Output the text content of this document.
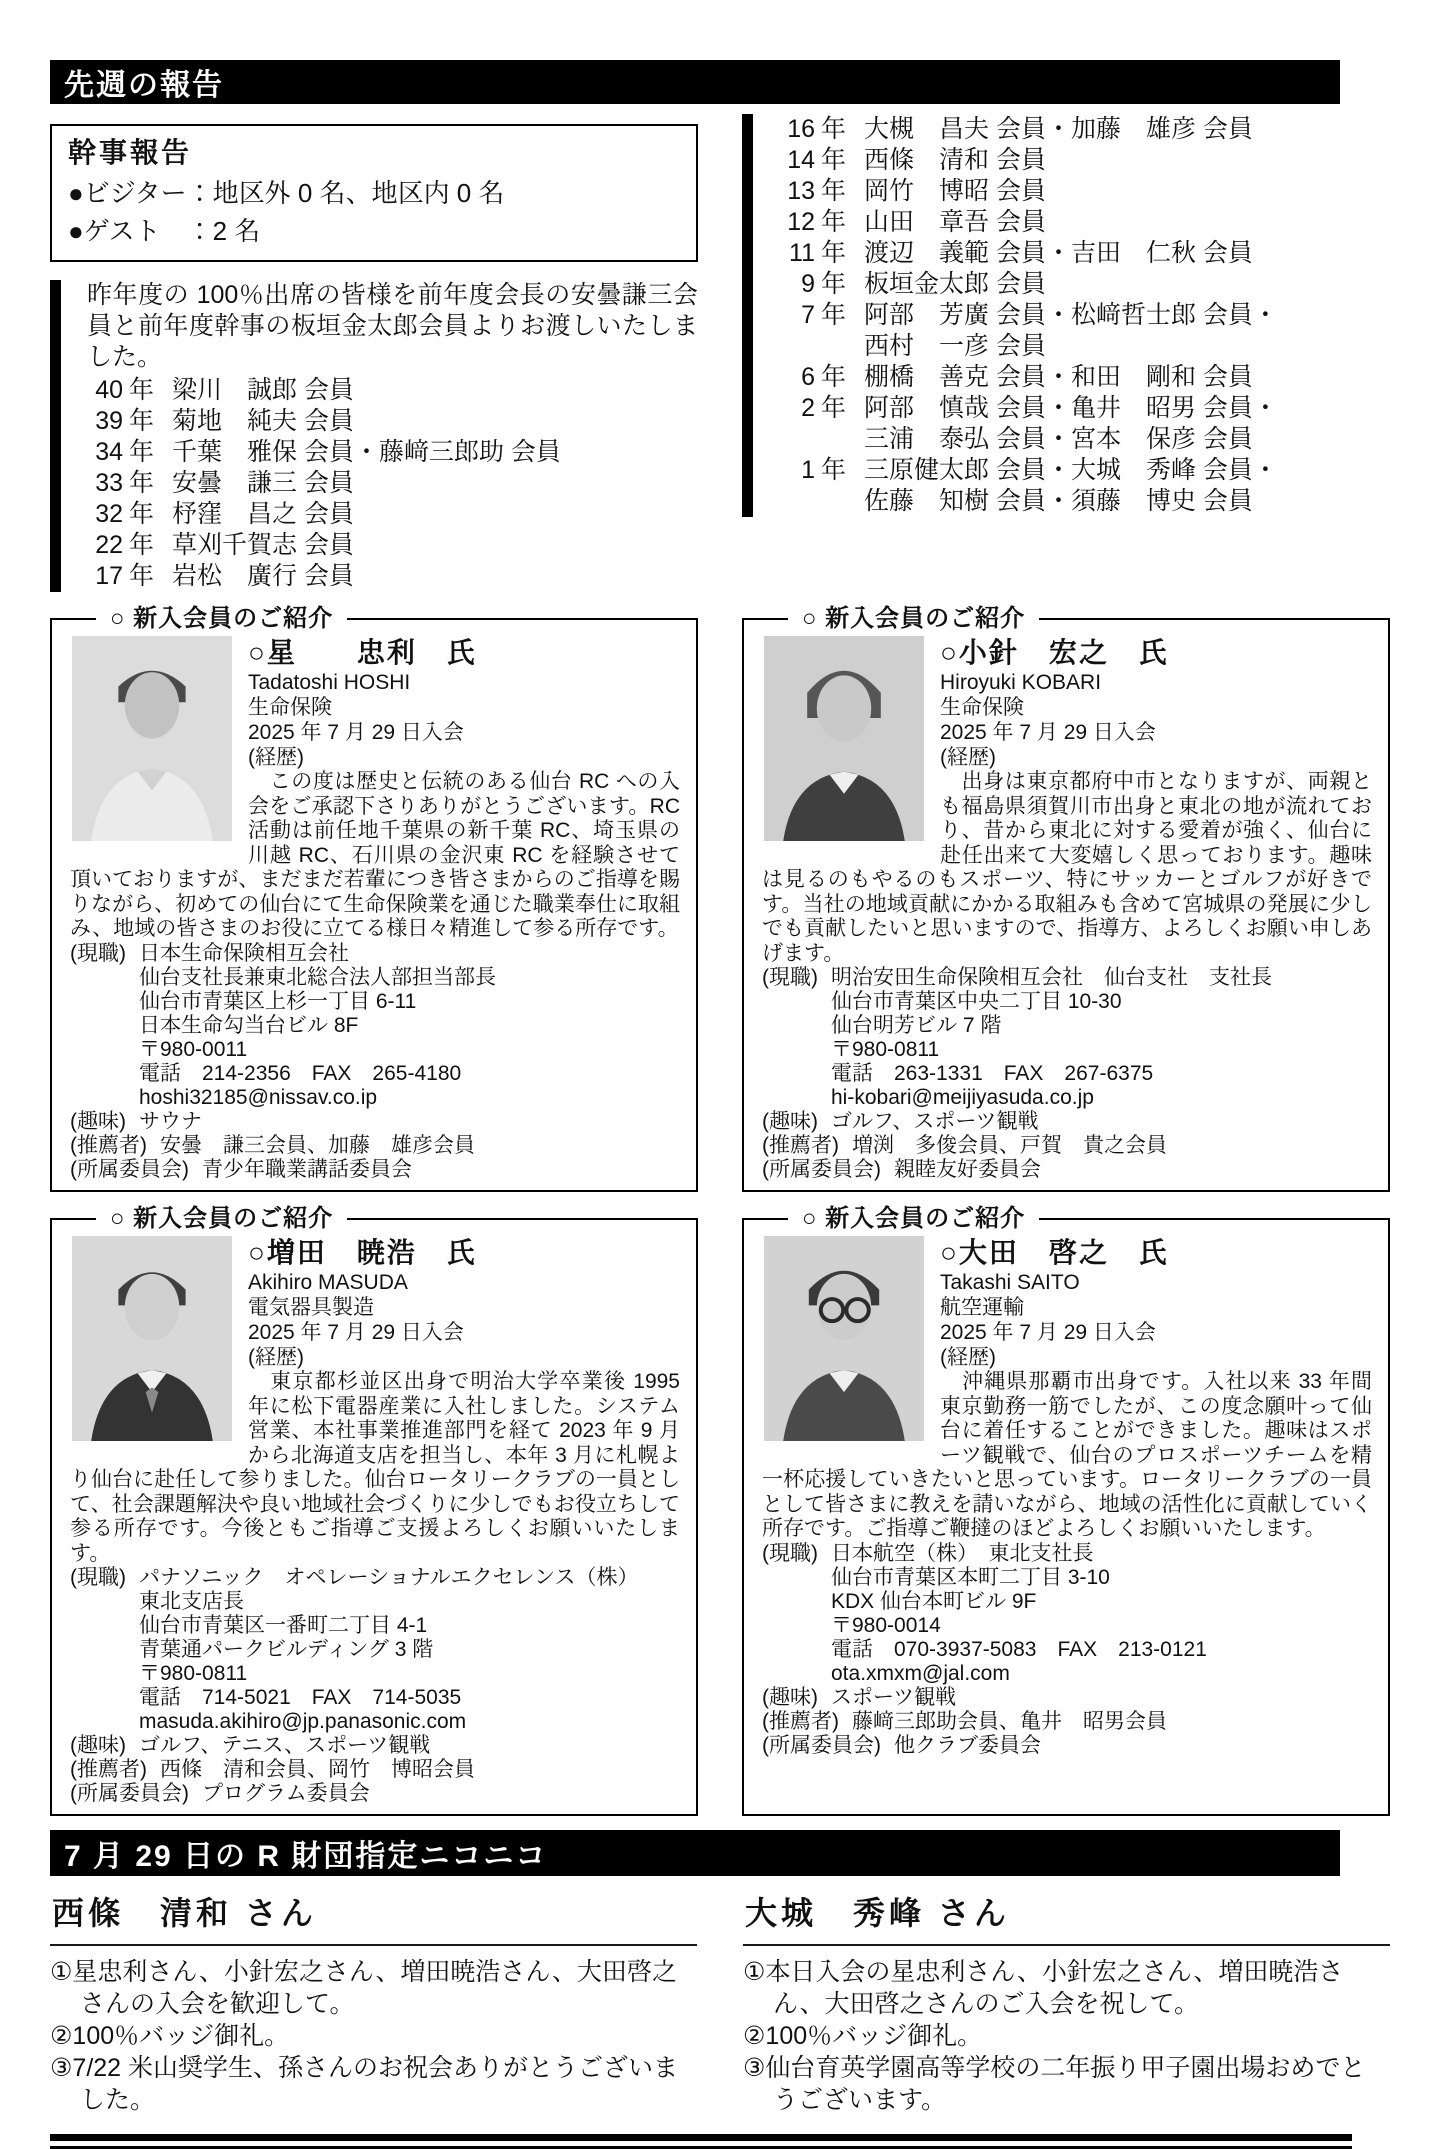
先週の報告
幹事報告
●ビジター：地区外 0 名、地区内 0 名
●ゲスト　：2 名

昨年度の 100％出席の皆様を前年度会長の安曇謙三会員と前年度幹事の板垣金太郎会員よりお渡しいたしました。

40 年 梁川　誠郎 会員
39 年 菊地　純夫 会員
34 年 千葉　雅保 会員・藤﨑三郎助 会員
33 年 安曇　謙三 会員
32 年 杼窪　昌之 会員
22 年 草刈千賀志 会員
17 年 岩松　廣行 会員
16 年 大槻　昌夫 会員・加藤　雄彦 会員
14 年 西條　清和 会員
13 年 岡竹　博昭 会員
12 年 山田　章吾 会員
11 年 渡辺　義範 会員・吉田　仁秋 会員
9 年 板垣金太郎 会員
7 年 阿部　芳廣 会員・松﨑哲士郎 会員・
西村　一彦 会員
6 年 棚橋　善克 会員・和田　剛和 会員
2 年 阿部　慎哉 会員・亀井　昭男 会員・
三浦　泰弘 会員・宮本　保彦 会員
1 年 三原健太郎 会員・大城　秀峰 会員・
佐藤　知樹 会員・須藤　博史 会員
○ 新入会員のご紹介
○星　　忠利　氏
Tadatoshi HOSHI
生命保険
2025 年 7 月 29 日入会
(経歴)
　この度は歴史と伝統のある仙台 RC への入会をご承認下さりありがとうございます。RC 活動は前任地千葉県の新千葉 RC、埼玉県の川越 RC、石川県の金沢東 RC を経験させて頂いておりますが、まだまだ若輩につき皆さまからのご指導を賜りながら、初めての仙台にて生命保険業を通じた職業奉仕に取組み、地域の皆さまのお役に立てる様日々精進して参る所存です。
(現職) 日本生命保険相互会社
仙台支社長兼東北総合法人部担当部長
仙台市青葉区上杉一丁目 6-11
日本生命勾当台ビル 8F
〒980-0011
電話　214-2356　FAX　265-4180
hoshi32185@nissav.co.ip
(趣味) サウナ
(推薦者) 安曇　謙三会員、加藤　雄彦会員
(所属委員会) 青少年職業講話委員会
○ 新入会員のご紹介
○小針　宏之　氏
Hiroyuki KOBARI
生命保険
2025 年 7 月 29 日入会
(経歴)
　出身は東京都府中市となりますが、両親とも福島県須賀川市出身と東北の地が流れており、昔から東北に対する愛着が強く、仙台に赴任出来て大変嬉しく思っております。趣味は見るのもやるのもスポーツ、特にサッカーとゴルフが好きです。当社の地域貢献にかかる取組みも含めて宮城県の発展に少しでも貢献したいと思いますので、指導方、よろしくお願い申しあげます。
(現職) 明治安田生命保険相互会社　仙台支社　支社長
仙台市青葉区中央二丁目 10-30
仙台明芳ビル 7 階
〒980-0811
電話　263-1331　FAX　267-6375
hi-kobari@meijiyasuda.co.jp
(趣味) ゴルフ、スポーツ観戦
(推薦者) 増渕　多俊会員、戸賀　貴之会員
(所属委員会) 親睦友好委員会
○ 新入会員のご紹介
○増田　暁浩　氏
Akihiro MASUDA
電気器具製造
2025 年 7 月 29 日入会
(経歴)
　東京都杉並区出身で明治大学卒業後 1995 年に松下電器産業に入社しました。システム営業、本社事業推進部門を経て 2023 年 9 月から北海道支店を担当し、本年 3 月に札幌より仙台に赴任して参りました。仙台ロータリークラブの一員として、社会課題解決や良い地域社会づくりに少しでもお役立ちして参る所存です。今後ともご指導ご支援よろしくお願いいたします。
(現職) パナソニック　オペレーショナルエクセレンス（株）
東北支店長
仙台市青葉区一番町二丁目 4-1
青葉通パークビルディング 3 階
〒980-0811
電話　714-5021　FAX　714-5035
masuda.akihiro@jp.panasonic.com
(趣味) ゴルフ、テニス、スポーツ観戦
(推薦者) 西條　清和会員、岡竹　博昭会員
(所属委員会) プログラム委員会
○ 新入会員のご紹介
○大田　啓之　氏
Takashi SAITO
航空運輸
2025 年 7 月 29 日入会
(経歴)
　沖縄県那覇市出身です。入社以来 33 年間東京勤務一筋でしたが、この度念願叶って仙台に着任することができました。趣味はスポーツ観戦で、仙台のプロスポーツチームを精一杯応援していきたいと思っています。ロータリークラブの一員として皆さまに教えを請いながら、地域の活性化に貢献していく所存です。ご指導ご鞭撻のほどよろしくお願いいたします。
(現職) 日本航空（株）　東北支社長
仙台市青葉区本町二丁目 3-10
KDX 仙台本町ビル 9F
〒980-0014
電話　070-3937-5083　FAX　213-0121
ota.xmxm@jal.com
(趣味) スポーツ観戦
(推薦者) 藤﨑三郎助会員、亀井　昭男会員
(所属委員会) 他クラブ委員会
7 月 29 日の R 財団指定ニコニコ
西條　清和 さん
①星忠利さん、小針宏之さん、増田暁浩さん、大田啓之さんの入会を歓迎して。
②100％バッジ御礼。
③7/22 米山奨学生、孫さんのお祝会ありがとうございました。
大城　秀峰 さん
①本日入会の星忠利さん、小針宏之さん、増田暁浩さん、大田啓之さんのご入会を祝して。
②100％バッジ御礼。
③仙台育英学園高等学校の二年振り甲子園出場おめでとうございます。
